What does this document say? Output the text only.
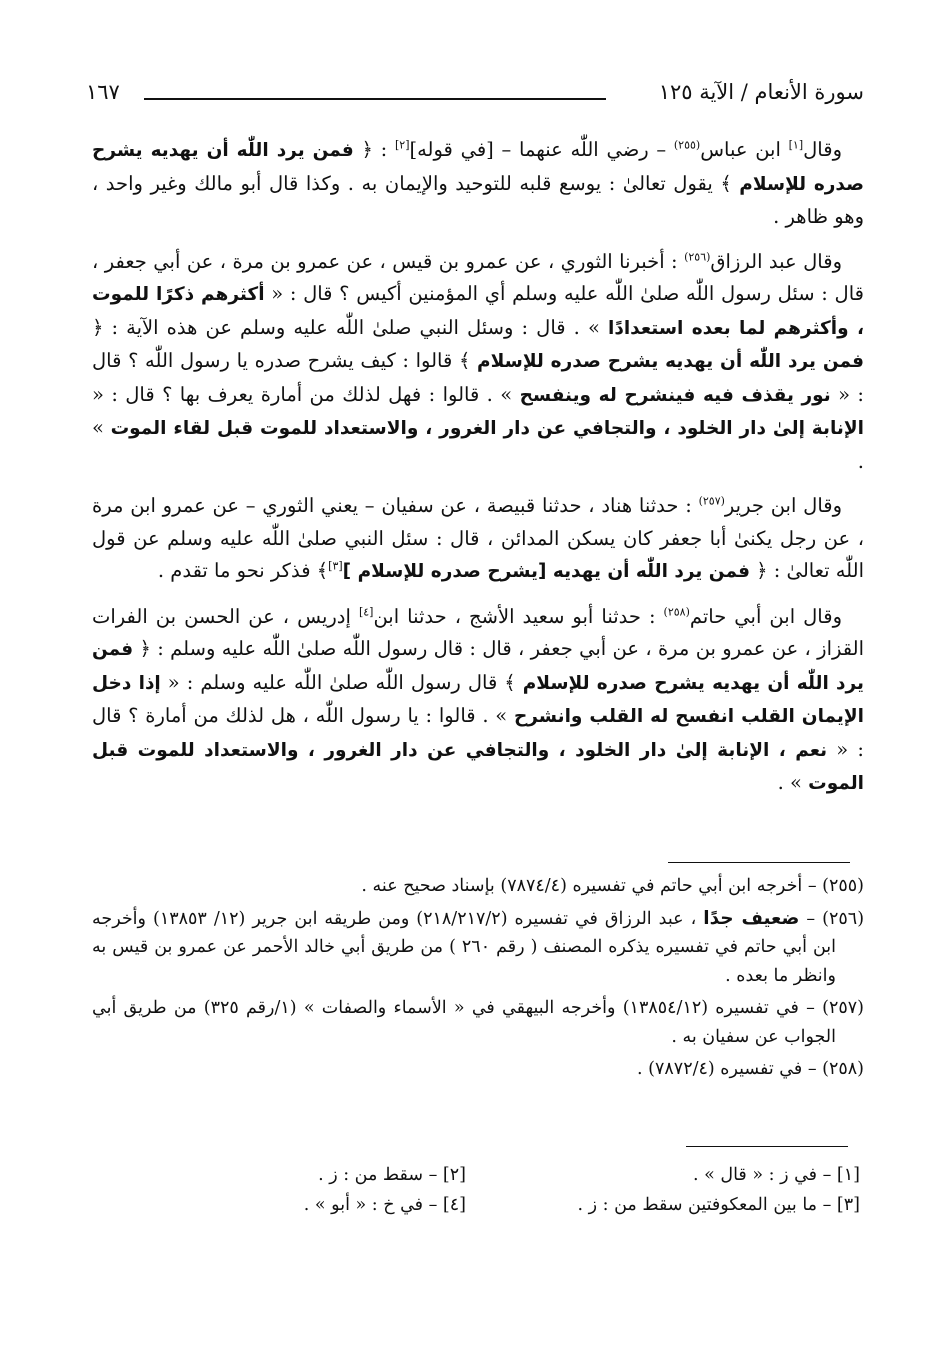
سورة الأنعام / الآية ١٢٥
١٦٧

وقال[١] ابن عباس$^{(٢٥٥)}$ – رضي اللّٰه عنهما – [في قوله][٢] : ﴿ فمن يرد اللّٰه أن يهديه يشرح صدره للإسلام ﴾ يقول تعالىٰ : يوسع قلبه للتوحيد والإيمان به . وكذا قال أبو مالك وغير واحد ، وهو ظاهر .

وقال عبد الرزاق$^{(٢٥٦)}$ : أخبرنا الثوري ، عن عمرو بن قيس ، عن عمرو بن مرة ، عن أبي جعفر ، قال : سئل رسول اللّٰه صلىٰ اللّٰه عليه وسلم أي المؤمنين أكيس ؟ قال : « أكثرهم ذكرًا للموت ، وأكثرهم لما بعده استعدادًا » . قال : وسئل النبي صلىٰ اللّٰه عليه وسلم عن هذه الآية : ﴿ فمن يرد اللّٰه أن يهديه يشرح صدره للإسلام ﴾ قالوا : كيف يشرح صدره يا رسول اللّٰه ؟ قال : « نور يقذف فيه فينشرح له وينفسح » . قالوا : فهل لذلك من أمارة يعرف بها ؟ قال : « الإنابة إلىٰ دار الخلود ، والتجافي عن دار الغرور ، والاستعداد للموت قبل لقاء الموت » .

وقال ابن جرير$^{(٢٥٧)}$ : حدثنا هناد ، حدثنا قبيصة ، عن سفيان – يعني الثوري – عن عمرو ابن مرة ، عن رجل يكنىٰ أبا جعفر كان يسكن المدائن ، قال : سئل النبي صلىٰ اللّٰه عليه وسلم عن قول اللّٰه تعالىٰ : ﴿ فمن يرد اللّٰه أن يهديه [يشرح صدره للإسلام ][٣]﴾ فذكر نحو ما تقدم .

وقال ابن أبي حاتم$^{(٢٥٨)}$ : حدثنا أبو سعيد الأشج ، حدثنا ابن[٤] إدريس ، عن الحسن بن الفرات القزاز ، عن عمرو بن مرة ، عن أبي جعفر ، قال : قال رسول اللّٰه صلىٰ اللّٰه عليه وسلم : ﴿ فمن يرد اللّٰه أن يهديه يشرح صدره للإسلام ﴾ قال رسول اللّٰه صلىٰ اللّٰه عليه وسلم : « إذا دخل الإيمان القلب انفسح له القلب وانشرح » . قالوا : يا رسول اللّٰه ، هل لذلك من أمارة ؟ قال : « نعم ، الإنابة إلىٰ دار الخلود ، والتجافي عن دار الغرور ، والاستعداد للموت قبل الموت » .

(٢٥٥) – أخرجه ابن أبي حاتم في تفسيره (٧٨٧٤/٤) بإسناد صحيح عنه .

(٢٥٦) – ضعيف جدًا ، عبد الرزاق في تفسيره (٢١٨/٢١٧/٢) ومن طريقه ابن جرير (١٢/ ١٣٨٥٣) وأخرجه ابن أبي حاتم في تفسيره يذكره المصنف ( رقم ٢٦٠ ) من طريق أبي خالد الأحمر عن عمرو بن قيس به وانظر ما بعده .

(٢٥٧) – في تفسيره (١٣٨٥٤/١٢) وأخرجه البيهقي في « الأسماء والصفات » (١/رقم ٣٢٥) من طريق أبي الجواب عن سفيان به .

(٢٥٨) – في تفسيره (٧٨٧٢/٤) .

[١] – في ز : « قال » .
[٢] – سقط من : ز .
[٣] – ما بين المعكوفتين سقط من : ز .
[٤] – في خ : « أبو » .
